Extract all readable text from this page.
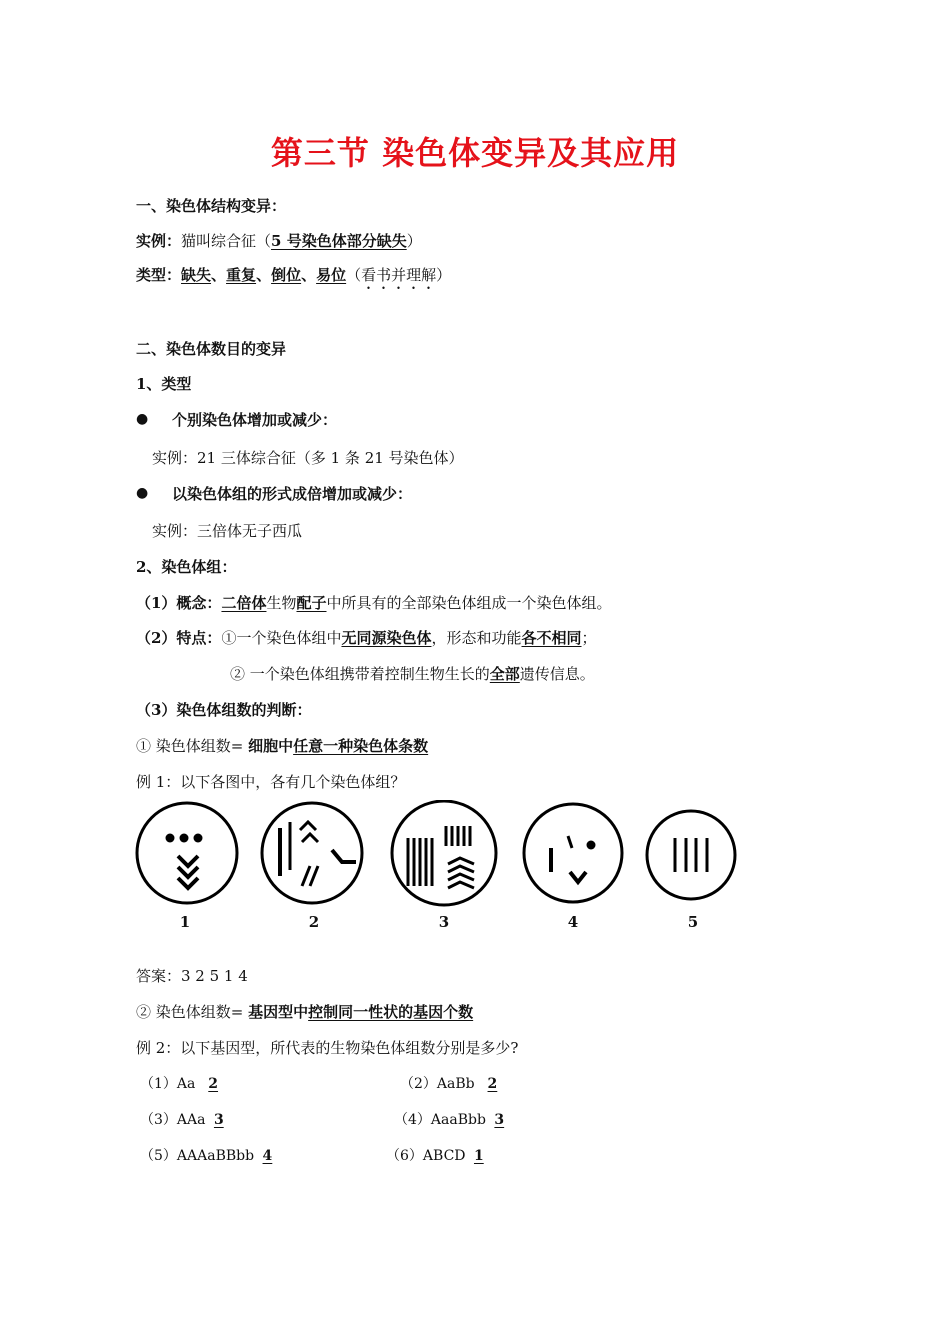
第三节 染色体变异及其应用
一、染色体结构变异：
实例：猫叫综合征（5 号染色体部分缺失）
类型：缺失、重复、倒位、易位（看书并理解）
二、染色体数目的变异
1、类型
● 个别染色体增加或减少：
实例：21 三体综合征（多 1 条 21 号染色体）
● 以染色体组的形式成倍增加或减少：
实例：三倍体无子西瓜
2、染色体组：
（1）概念：二倍体生物配子中所具有的全部染色体组成一个染色体组。
（2）特点：①一个染色体组中无同源染色体，形态和功能各不相同；
② 一个染色体组携带着控制生物生长的全部遗传信息。
（3）染色体组数的判断：
① 染色体组数= 细胞中任意一种染色体条数
例 1：以下各图中，各有几个染色体组？
1	2	3	4	5
答案：3 2 5 1 4
② 染色体组数= 基因型中控制同一性状的基因个数
例 2：以下基因型，所代表的生物染色体组数分别是多少?
（1）Aa 2	（2）AaBb 2
（3）AAa 3	（4）AaaBbb 3
（5）AAAaBBbb 4	（6）ABCD 1
